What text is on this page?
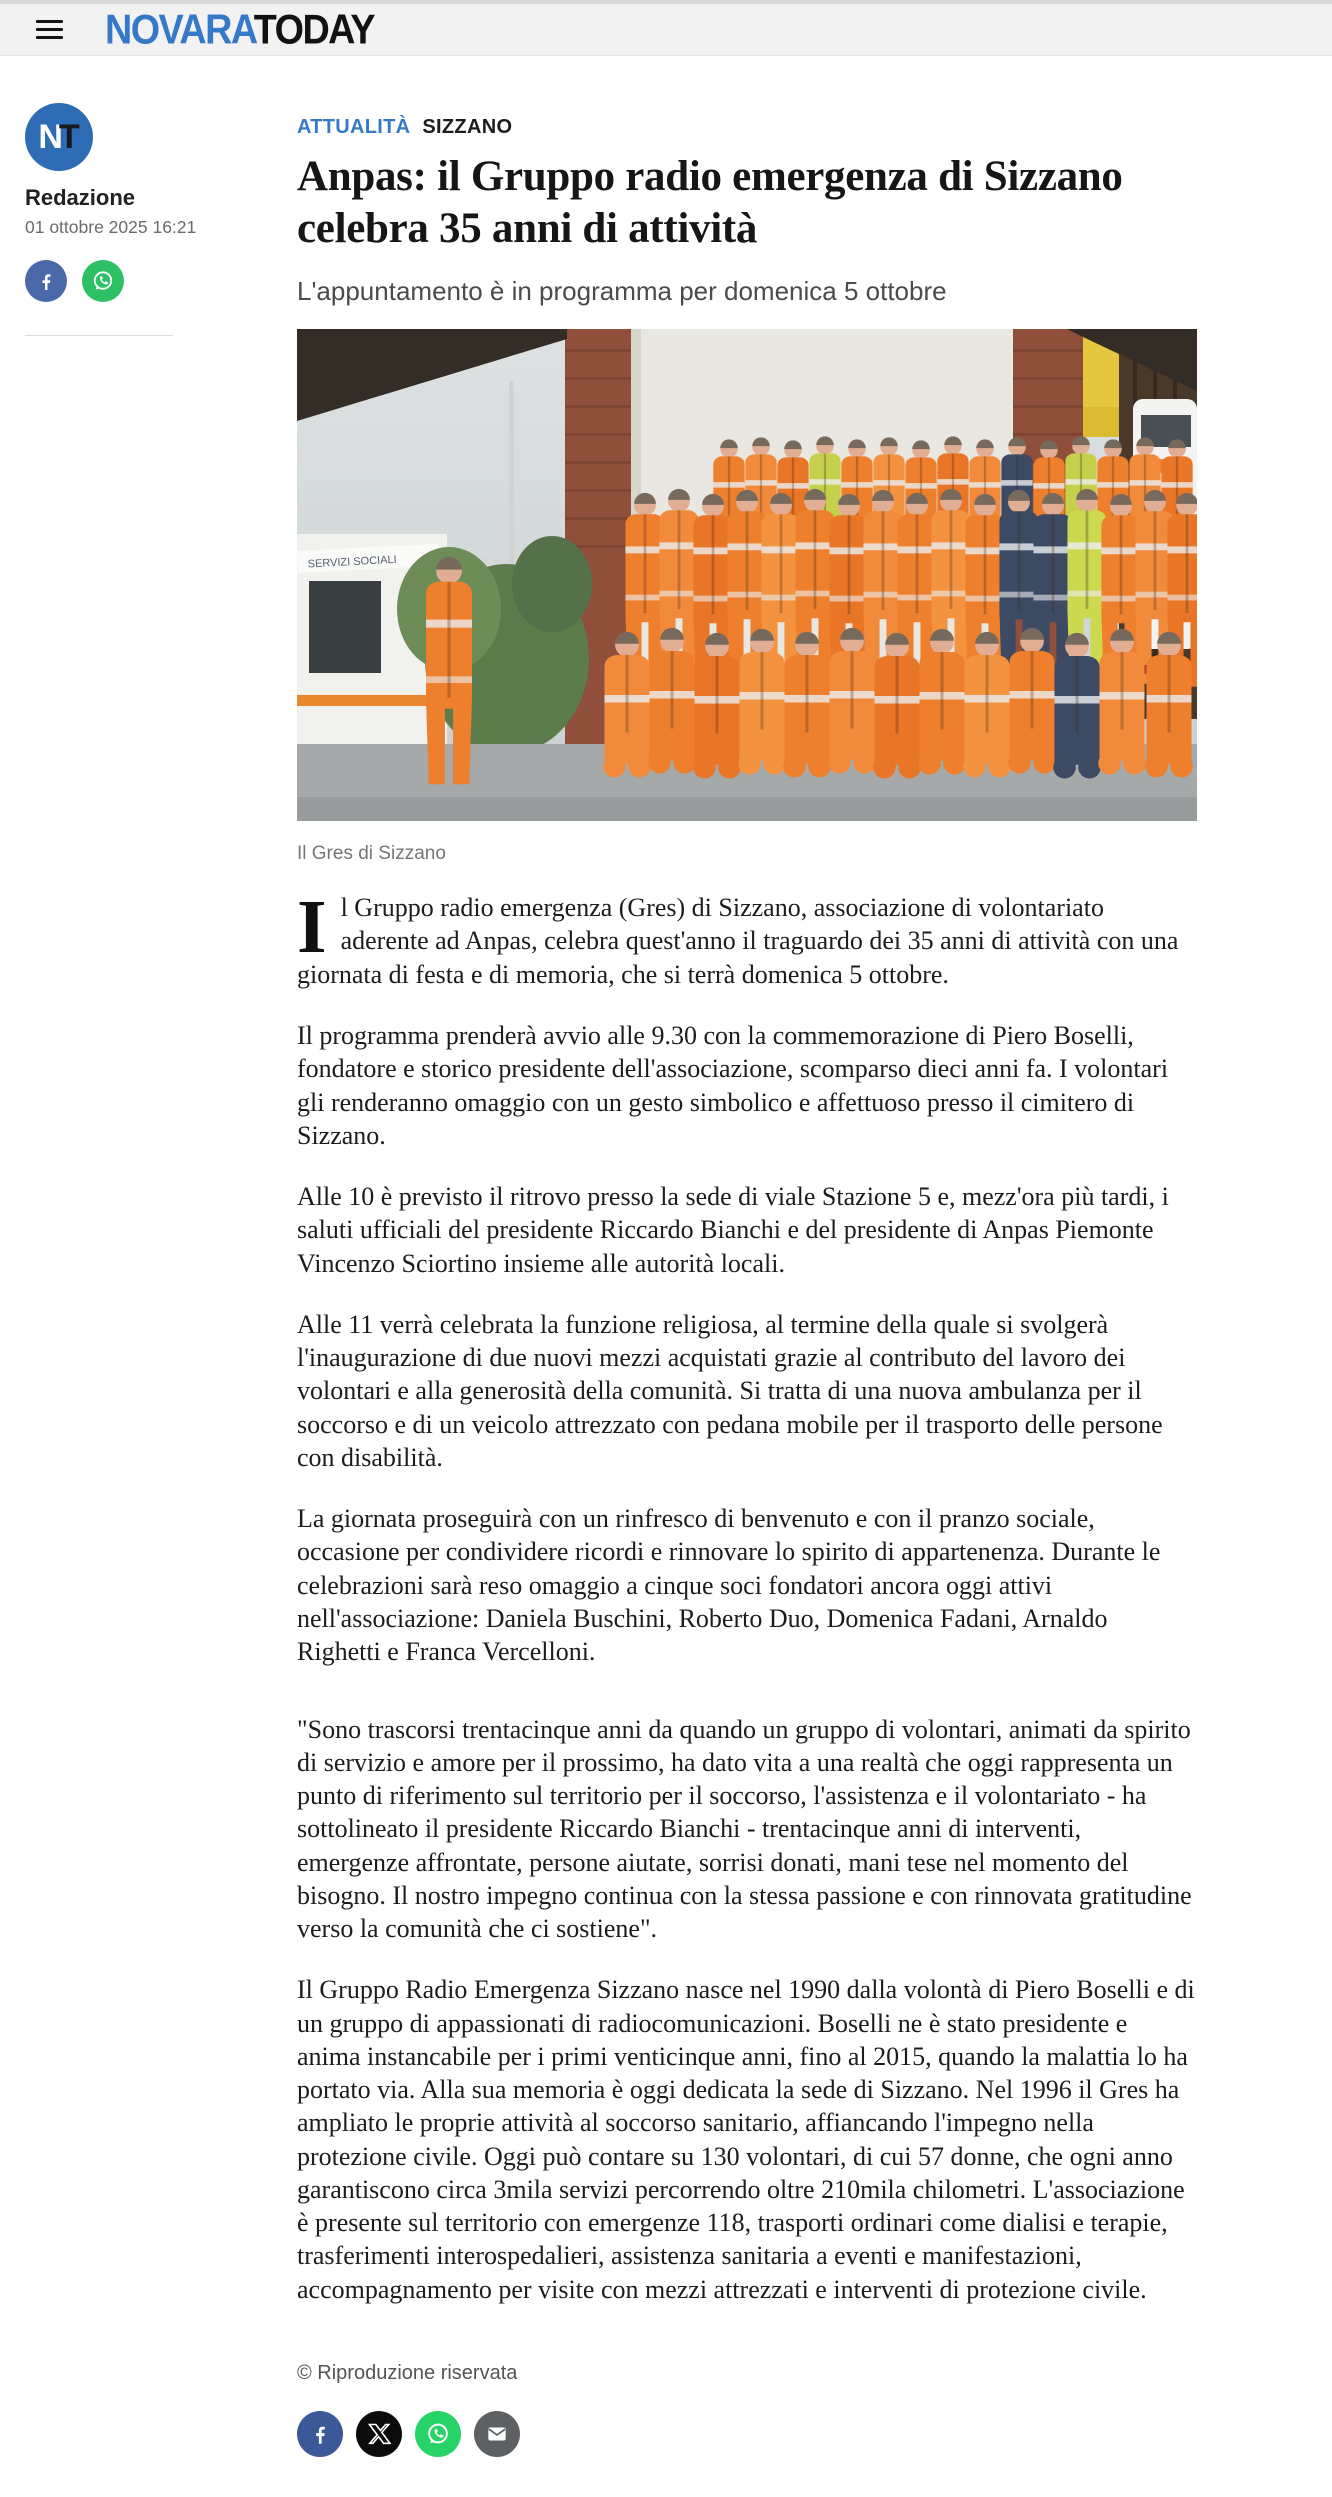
NOVARATODAY
N T
Redazione
01 ottobre 2025 16:21
ATTUALITÀ SIZZANO
Anpas: il Gruppo radio emergenza di Sizzano celebra 35 anni di attività
L'appuntamento è in programma per domenica 5 ottobre
SERVIZI SOCIALI
Il Gres di Sizzano

Il Gruppo radio emergenza (Gres) di Sizzano, associazione di volontariato aderente ad Anpas, celebra quest'anno il traguardo dei 35 anni di attività con una giornata di festa e di memoria, che si terrà domenica 5 ottobre.

Il programma prenderà avvio alle 9.30 con la commemorazione di Piero Boselli, fondatore e storico presidente dell'associazione, scomparso dieci anni fa. I volontari gli renderanno omaggio con un gesto simbolico e affettuoso presso il cimitero di Sizzano.

Alle 10 è previsto il ritrovo presso la sede di viale Stazione 5 e, mezz'ora più tardi, i saluti ufficiali del presidente Riccardo Bianchi e del presidente di Anpas Piemonte Vincenzo Sciortino insieme alle autorità locali.

Alle 11 verrà celebrata la funzione religiosa, al termine della quale si svolgerà l'inaugurazione di due nuovi mezzi acquistati grazie al contributo del lavoro dei volontari e alla generosità della comunità. Si tratta di una nuova ambulanza per il soccorso e di un veicolo attrezzato con pedana mobile per il trasporto delle persone con disabilità.

La giornata proseguirà con un rinfresco di benvenuto e con il pranzo sociale, occasione per condividere ricordi e rinnovare lo spirito di appartenenza. Durante le celebrazioni sarà reso omaggio a cinque soci fondatori ancora oggi attivi nell'associazione: Daniela Buschini, Roberto Duo, Domenica Fadani, Arnaldo Righetti e Franca Vercelloni.

"Sono trascorsi trentacinque anni da quando un gruppo di volontari, animati da spirito di servizio e amore per il prossimo, ha dato vita a una realtà che oggi rappresenta un punto di riferimento sul territorio per il soccorso, l'assistenza e il volontariato - ha sottolineato il presidente Riccardo Bianchi - trentacinque anni di interventi, emergenze affrontate, persone aiutate, sorrisi donati, mani tese nel momento del bisogno. Il nostro impegno continua con la stessa passione e con rinnovata gratitudine verso la comunità che ci sostiene".

Il Gruppo Radio Emergenza Sizzano nasce nel 1990 dalla volontà di Piero Boselli e di un gruppo di appassionati di radiocomunicazioni. Boselli ne è stato presidente e anima instancabile per i primi venticinque anni, fino al 2015, quando la malattia lo ha portato via. Alla sua memoria è oggi dedicata la sede di Sizzano. Nel 1996 il Gres ha ampliato le proprie attività al soccorso sanitario, affiancando l'impegno nella protezione civile. Oggi può contare su 130 volontari, di cui 57 donne, che ogni anno garantiscono circa 3mila servizi percorrendo oltre 210mila chilometri. L'associazione è presente sul territorio con emergenze 118, trasporti ordinari come dialisi e terapie, trasferimenti interospedalieri, assistenza sanitaria a eventi e manifestazioni, accompagnamento per visite con mezzi attrezzati e interventi di protezione civile.

© Riproduzione riservata
